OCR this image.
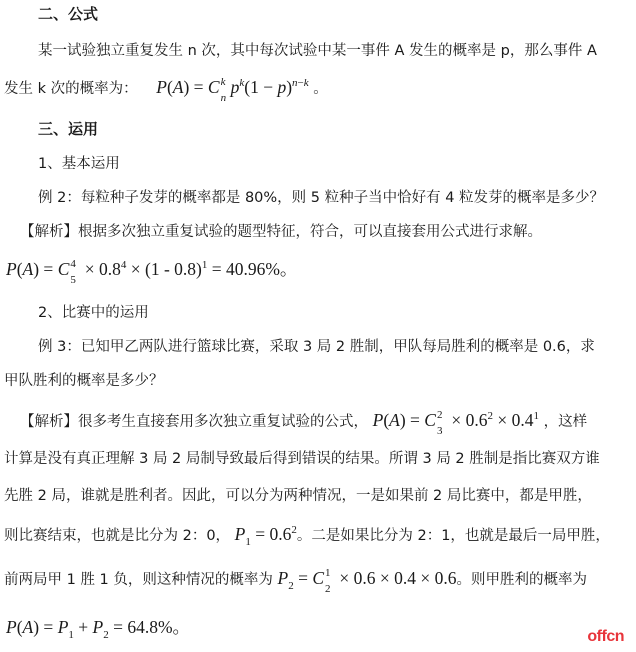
二、公式
某一试验独立重复发生 n 次，其中每次试验中某一事件 A 发生的概率是 p，那么事件 A
发生 k 次的概率为： P(A) = C k
n
$p^k(1 - p)^{n-k}$ 。
三、运用
1、基本运用
例 2：每粒种子发芽的概率都是 80%，则 5 粒种子当中恰好有 4 粒发芽的概率是多少？
【解析】根据多次独立重复试验的题型特征，符合，可以直接套用公式进行求解。
P(A) = C 4
5
× $0.8^4 \times (1 - 0.8)^1 = 40.96\%$。
2、比赛中的运用
例 3：已知甲乙两队进行篮球比赛，采取 3 局 2 胜制，甲队每局胜利的概率是 0.6，求
甲队胜利的概率是多少？
【解析】很多考生直接套用多次独立重复试验的公式， P(A) = C 2
3
× $0.6^2 \times 0.4^1$ ，这样
计算是没有真正理解 3 局 2 局制导致最后得到错误的结果。所谓 3 局 2 胜制是指比赛双方谁
先胜 2 局，谁就是胜利者。因此，可以分为两种情况，一是如果前 2 局比赛中，都是甲胜，
则比赛结束，也就是比分为 2：0， $P_1 = 0.6^2$。二是如果比分为 2：1，也就是最后一局甲胜，
前两局甲 1 胜 1 负，则这种情况的概率为 $P_2 = C$ 1
2
× 0.6 × 0.4 × 0.6。则甲胜利的概率为
$P(A) = P_1 + P_2 = 64.8\%$。	offcn
